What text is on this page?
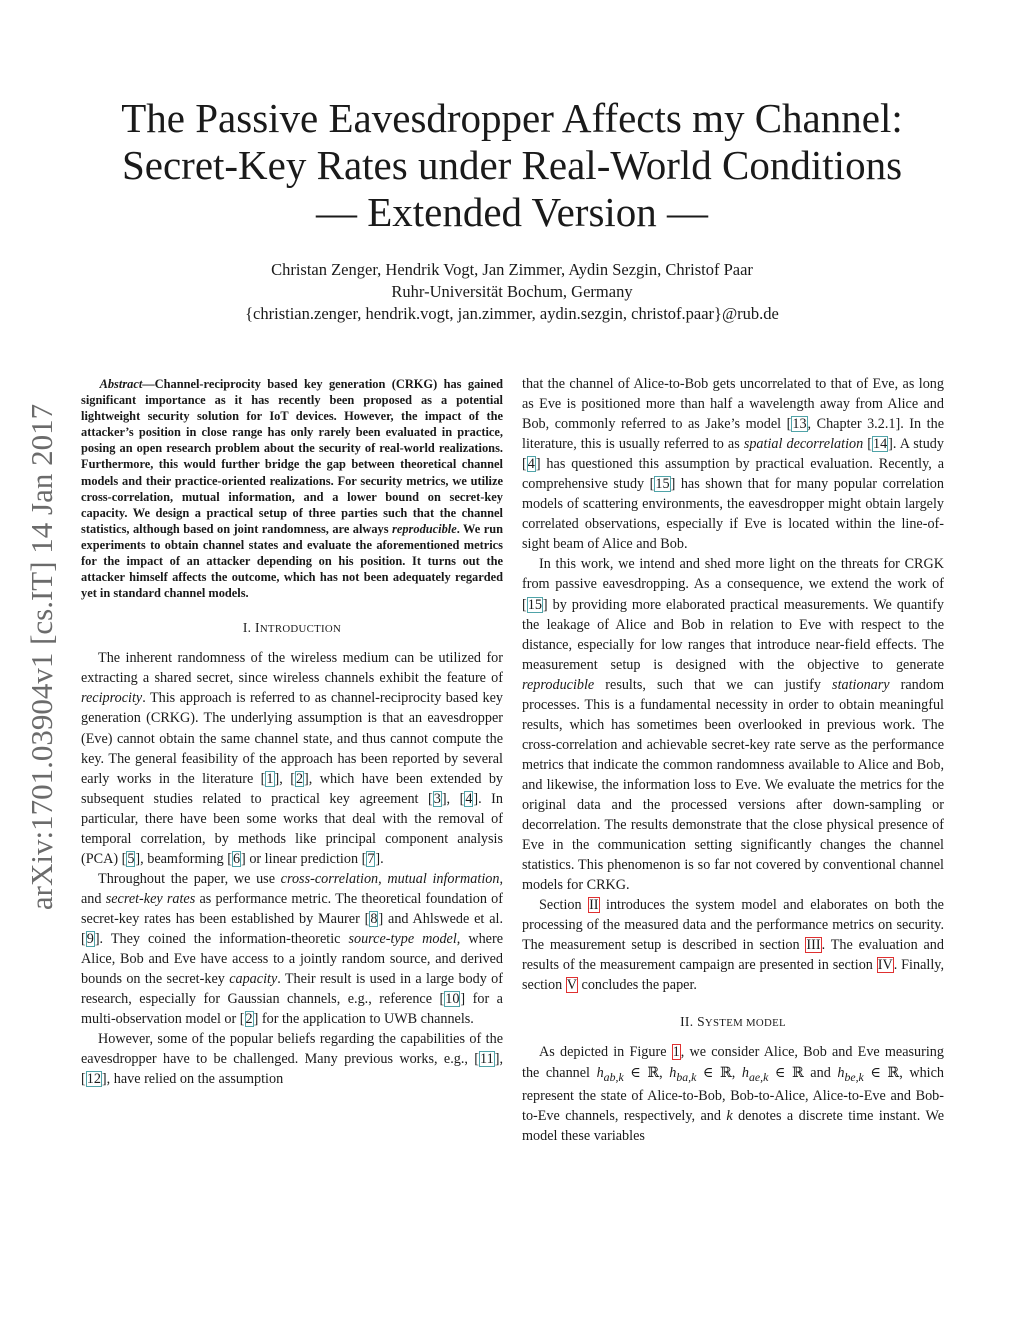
The Passive Eavesdropper Affects my Channel:
Secret-Key Rates under Real-World Conditions
— Extended Version —
Christan Zenger, Hendrik Vogt, Jan Zimmer, Aydin Sezgin, Christof Paar
Ruhr-Universität Bochum, Germany
{christian.zenger, hendrik.vogt, jan.zimmer, aydin.sezgin, christof.paar}@rub.de
arXiv:1701.03904v1 [cs.IT] 14 Jan 2017

Abstract—Channel-reciprocity based key generation (CRKG) has gained significant importance as it has recently been proposed as a potential lightweight security solution for IoT devices. However, the impact of the attacker’s position in close range has only rarely been evaluated in practice, posing an open research problem about the security of real-world realizations. Furthermore, this would further bridge the gap between theoretical channel models and their practice-oriented realizations. For security metrics, we utilize cross-correlation, mutual information, and a lower bound on secret-key capacity. We design a practical setup of three parties such that the channel statistics, although based on joint randomness, are always reproducible. We run experiments to obtain channel states and evaluate the aforementioned metrics for the impact of an attacker depending on his position. It turns out the attacker himself affects the outcome, which has not been adequately regarded yet in standard channel models.

I. INTRODUCTION

The inherent randomness of the wireless medium can be utilized for extracting a shared secret, since wireless channels exhibit the feature of reciprocity. This approach is referred to as channel-reciprocity based key generation (CRKG). The underlying assumption is that an eavesdropper (Eve) cannot obtain the same channel state, and thus cannot compute the key. The general feasibility of the approach has been reported by several early works in the literature [1], [2], which have been extended by subsequent studies related to practical key agreement [3], [4]. In particular, there have been some works that deal with the removal of temporal correlation, by methods like principal component analysis (PCA) [5], beamforming [6] or linear prediction [7].

Throughout the paper, we use cross-correlation, mutual information, and secret-key rates as performance metric. The theoretical foundation of secret-key rates has been established by Maurer [8] and Ahlswede et al. [9]. They coined the information-theoretic source-type model, where Alice, Bob and Eve have access to a jointly random source, and derived bounds on the secret-key capacity. Their result is used in a large body of research, especially for Gaussian channels, e.g., reference [10] for a multi-observation model or [2] for the application to UWB channels.

However, some of the popular beliefs regarding the capabilities of the eavesdropper have to be challenged. Many previous works, e.g., [11], [12], have relied on the assumption

that the channel of Alice-to-Bob gets uncorrelated to that of Eve, as long as Eve is positioned more than half a wavelength away from Alice and Bob, commonly referred to as Jake’s model [13, Chapter 3.2.1]. In the literature, this is usually referred to as spatial decorrelation [14]. A study [4] has questioned this assumption by practical evaluation. Recently, a comprehensive study [15] has shown that for many popular correlation models of scattering environments, the eavesdropper might obtain largely correlated observations, especially if Eve is located within the line-of-sight beam of Alice and Bob.

In this work, we intend and shed more light on the threats for CRGK from passive eavesdropping. As a consequence, we extend the work of [15] by providing more elaborated practical measurements. We quantify the leakage of Alice and Bob in relation to Eve with respect to the distance, especially for low ranges that introduce near-field effects. The measurement setup is designed with the objective to generate reproducible results, such that we can justify stationary random processes. This is a fundamental necessity in order to obtain meaningful results, which has sometimes been overlooked in previous work. The cross-correlation and achievable secret-key rate serve as the performance metrics that indicate the common randomness available to Alice and Bob, and likewise, the information loss to Eve. We evaluate the metrics for the original data and the processed versions after down-sampling or decorrelation. The results demonstrate that the close physical presence of Eve in the communication setting significantly changes the channel statistics. This phenomenon is so far not covered by conventional channel models for CRKG.

Section II introduces the system model and elaborates on both the processing of the measured data and the performance metrics on security. The measurement setup is described in section III. The evaluation and results of the measurement campaign are presented in section IV. Finally, section V concludes the paper.

II. SYSTEM MODEL

As depicted in Figure 1, we consider Alice, Bob and Eve measuring the channel $h_{ab,k}$ ∈ ℝ, $h_{ba,k}$ ∈ ℝ, $h_{ae,k}$ ∈ ℝ and $h_{be,k}$ ∈ ℝ, which represent the state of Alice-to-Bob, Bob-to-Alice, Alice-to-Eve and Bob-to-Eve channels, respectively, and k denotes a discrete time instant. We model these variables
